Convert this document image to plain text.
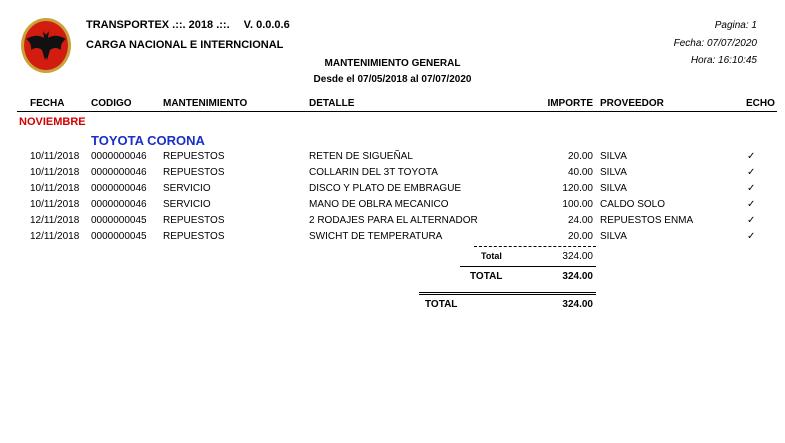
TRANSPORTEX .::. 2018 .::. V. 0.0.0.6
CARGA NACIONAL E INTERNCIONAL
MANTENIMIENTO GENERAL
Desde el 07/05/2018 al 07/07/2020
Pagina: 1
Fecha: 07/07/2020
Hora: 16:10:45
FECHA	CODIGO	MANTENIMIENTO	DETALLE	IMPORTE PROVEEDOR	ECHO
NOVIEMBRE
TOYOTA CORONA
10/11/2018 0000000046 REPUESTOS	RETEN DE SIGUEÑAL	20.00 SILVA	✓
10/11/2018 0000000046 REPUESTOS	COLLARIN DEL 3T TOYOTA	40.00 SILVA	✓
10/11/2018 0000000046 SERVICIO	DISCO Y PLATO DE EMBRAGUE	120.00 SILVA	✓
10/11/2018 0000000046 SERVICIO	MANO DE OBLRA MECANICO	100.00 CALDO SOLO	✓
12/11/2018 0000000045 REPUESTOS	2 RODAJES PARA EL ALTERNADOR	24.00 REPUESTOS ENMA	✓
12/11/2018 0000000045 REPUESTOS	SWICHT DE TEMPERATURA	20.00 SILVA	✓
Total	324.00
TOTAL	324.00
TOTAL	324.00
